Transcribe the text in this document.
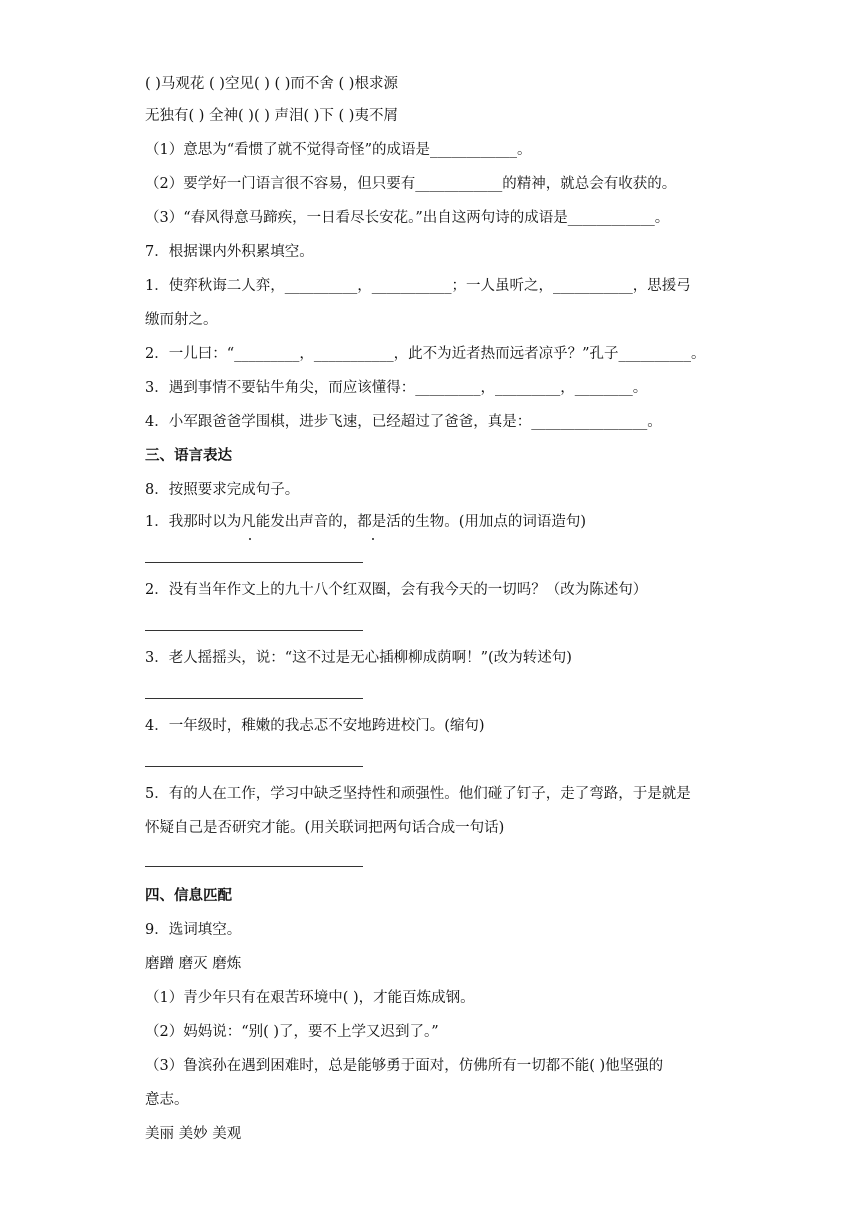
( )马观花 ( )空见( ) ( )而不舍 ( )根求源
无独有( ) 全神( )( ) 声泪( )下 ( )夷不屑
（1）意思为“看惯了就不觉得奇怪”的成语是____________。
（2）要学好一门语言很不容易，但只要有____________的精神，就总会有收获的。
（3）“春风得意马蹄疾，一日看尽长安花。”出自这两句诗的成语是____________。
7．根据课内外积累填空。
1．使弈秋诲二人弈，__________，___________；一人虽听之，___________，思援弓
缴而射之。
2．一儿曰：“_________，___________，此不为近者热而远者凉乎？”孔子__________。
3．遇到事情不要钻牛角尖，而应该懂得：_________，_________，________。
4．小军跟爸爸学围棋，进步飞速，已经超过了爸爸，真是：________________。
三、语言表达
8．按照要求完成句子。
1．我那时以为凡能发出声音的，都是活的生物。(用加点的词语造句)
2．没有当年作文上的九十八个红双圈，会有我今天的一切吗？（改为陈述句）
3．老人摇摇头，说：“这不过是无心插柳柳成荫啊！”(改为转述句)
4．一年级时，稚嫩的我忐忑不安地跨进校门。(缩句)
5．有的人在工作，学习中缺乏坚持性和顽强性。他们碰了钉子，走了弯路，于是就是
怀疑自己是否研究才能。(用关联词把两句话合成一句话)
四、信息匹配
9．选词填空。
磨蹭 磨灭 磨炼
（1）青少年只有在艰苦环境中( )，才能百炼成钢。
（2）妈妈说：“别( )了，要不上学又迟到了。”
（3）鲁滨孙在遇到困难时，总是能够勇于面对，仿佛所有一切都不能( )他坚强的
意志。
美丽 美妙 美观
